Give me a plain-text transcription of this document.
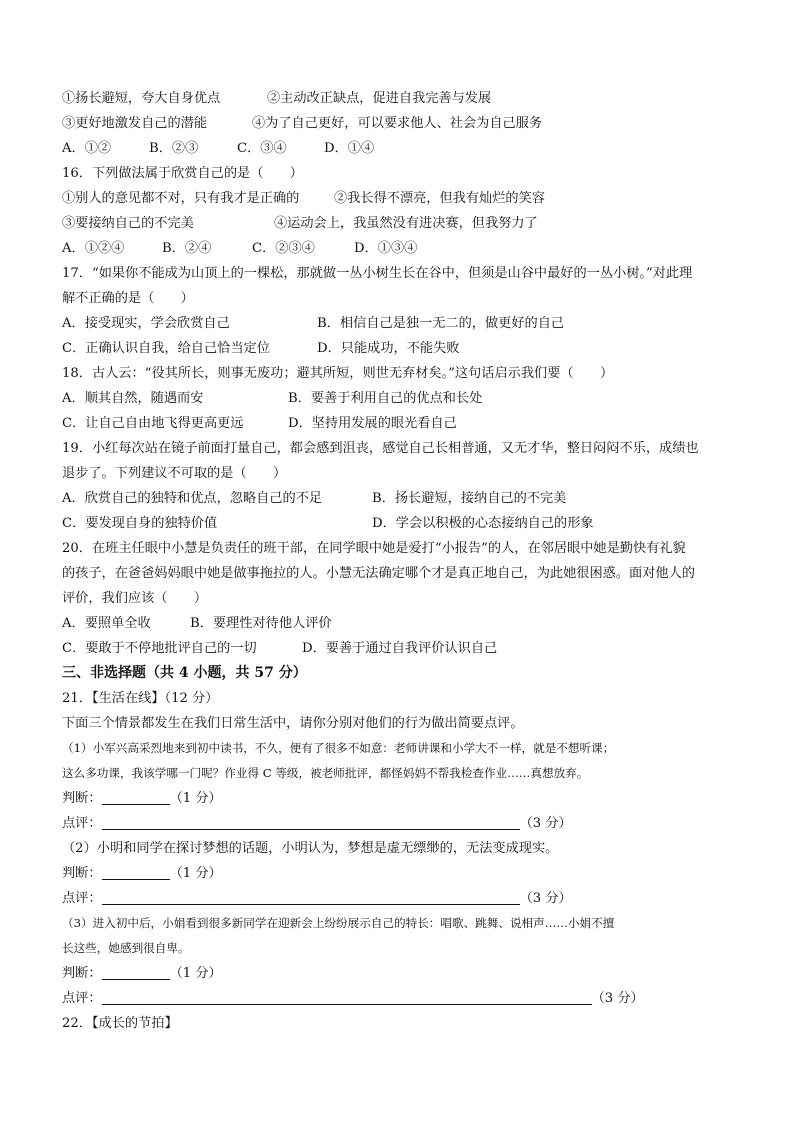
①扬长避短，夸大自身优点	②主动改正缺点，促进自我完善与发展
③更好地激发自己的潜能	④为了自己更好，可以要求他人、社会为自己服务
A．①②	B．②③	C．③④	D．①④
16．下列做法属于欣赏自己的是（　　）
①别人的意见都不对，只有我才是正确的	②我长得不漂亮，但我有灿烂的笑容
③要接纳自己的不完美	④运动会上，我虽然没有进决赛，但我努力了
A．①②④	B．②④	C．②③④	D．①③④
17．“如果你不能成为山顶上的一棵松，那就做一丛小树生长在谷中，但须是山谷中最好的一丛小树。”对此理
解不正确的是（　　）
A．接受现实，学会欣赏自己	B．相信自己是独一无二的，做更好的自己
C．正确认识自我，给自己恰当定位	D．只能成功，不能失败
18．古人云：“役其所长，则事无废功；避其所短，则世无弃材矣。”这句话启示我们要（　　）
A．顺其自然，随遇而安	B．要善于利用自己的优点和长处
C．让自己自由地飞得更高更远	D．坚持用发展的眼光看自己
19．小红每次站在镜子前面打量自己，都会感到沮丧，感觉自己长相普通，又无才华，整日闷闷不乐，成绩也
退步了。下列建议不可取的是（　　）
A．欣赏自己的独特和优点，忽略自己的不足	B．扬长避短，接纳自己的不完美
C．要发现自身的独特价值	D．学会以积极的心态接纳自己的形象
20．在班主任眼中小慧是负责任的班干部，在同学眼中她是爱打“小报告”的人，在邻居眼中她是勤快有礼貌
的孩子，在爸爸妈妈眼中她是做事拖拉的人。小慧无法确定哪个才是真正地自己，为此她很困惑。面对他人的
评价，我们应该（　　）
A．要照单全收	B．要理性对待他人评价
C．要敢于不停地批评自己的一切	D．要善于通过自我评价认识自己
三、非选择题（共 4 小题，共 57 分）
21．【生活在线】（12 分）
下面三个情景都发生在我们日常生活中，请你分别对他们的行为做出简要点评。
（1）小军兴高采烈地来到初中读书，不久，便有了很多不如意：老师讲课和小学大不一样，就是不想听课；
这么多功课，我该学哪一门呢？作业得 C 等级，被老师批评，都怪妈妈不帮我检查作业……真想放弃。
判断：	（1 分）
点评：	（3 分）
（2）小明和同学在探讨梦想的话题，小明认为，梦想是虚无缥缈的，无法变成现实。
判断：	（1 分）
点评：	（3 分）
（3）进入初中后，小娟看到很多新同学在迎新会上纷纷展示自己的特长：唱歌、跳舞、说相声……小娟不擅
长这些，她感到很自卑。
判断：	（1 分）
点评：	（3 分）
22．【成长的节拍】
